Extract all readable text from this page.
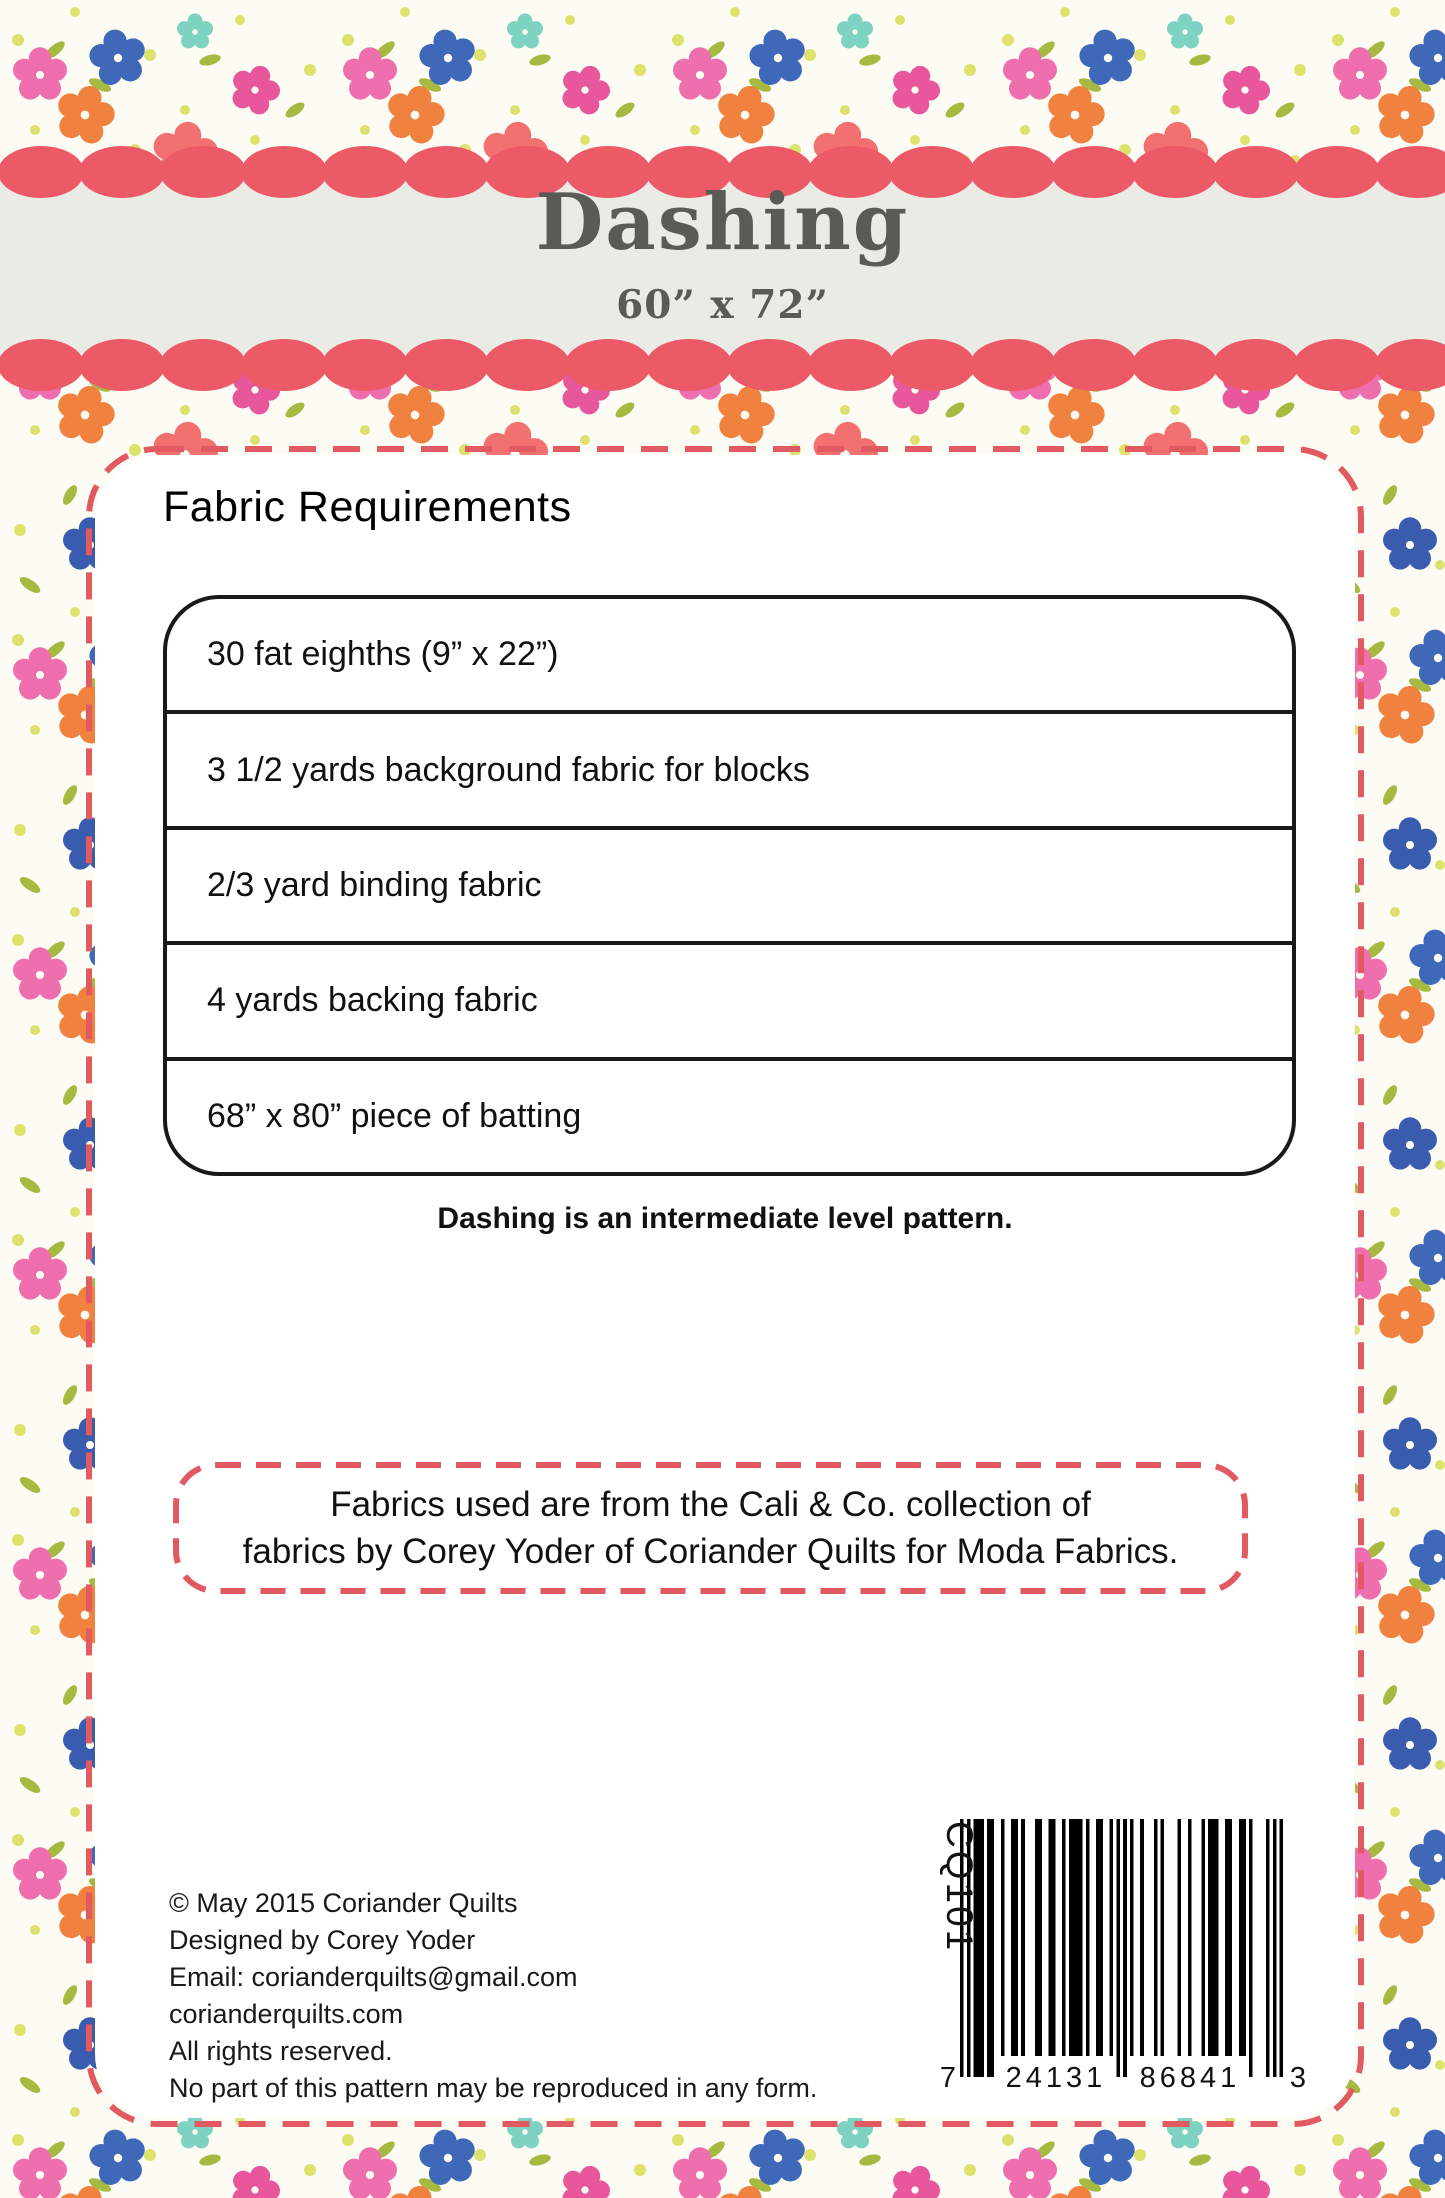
Dashing
60” x 72”
Fabric Requirements
30 fat eighths (9” x 22”)
3 1/2 yards background fabric for blocks
2/3 yard binding fabric
4 yards backing fabric
68” x 80” piece of batting
Dashing is an intermediate level pattern.
Fabrics used are from the Cali & Co. collection of
fabrics by Corey Yoder of Coriander Quilts for Moda Fabrics.
© May 2015 Coriander Quilts
Designed by Corey Yoder
Email: corianderquilts@gmail.com
corianderquilts.com
All rights reserved.
No part of this pattern may be reproduced in any form.
CQ101
7 24131 86841 3
